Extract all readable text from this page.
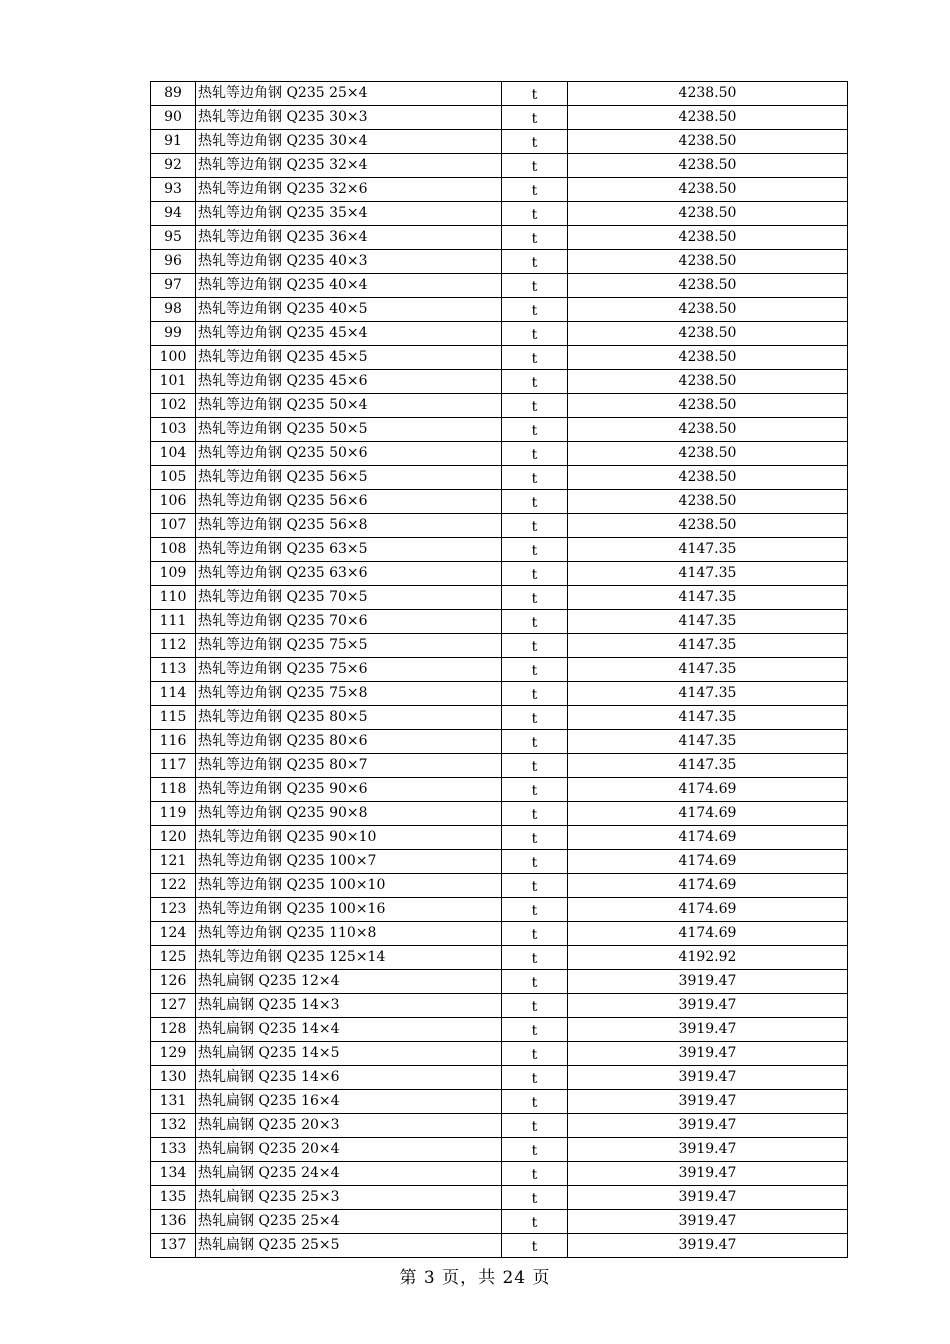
89	热轧等边角钢 Q235 25×4	t	4238.50
90	热轧等边角钢 Q235 30×3	t	4238.50
91	热轧等边角钢 Q235 30×4	t	4238.50
92	热轧等边角钢 Q235 32×4	t	4238.50
93	热轧等边角钢 Q235 32×6	t	4238.50
94	热轧等边角钢 Q235 35×4	t	4238.50
95	热轧等边角钢 Q235 36×4	t	4238.50
96	热轧等边角钢 Q235 40×3	t	4238.50
97	热轧等边角钢 Q235 40×4	t	4238.50
98	热轧等边角钢 Q235 40×5	t	4238.50
99	热轧等边角钢 Q235 45×4	t	4238.50
100	热轧等边角钢 Q235 45×5	t	4238.50
101	热轧等边角钢 Q235 45×6	t	4238.50
102	热轧等边角钢 Q235 50×4	t	4238.50
103	热轧等边角钢 Q235 50×5	t	4238.50
104	热轧等边角钢 Q235 50×6	t	4238.50
105	热轧等边角钢 Q235 56×5	t	4238.50
106	热轧等边角钢 Q235 56×6	t	4238.50
107	热轧等边角钢 Q235 56×8	t	4238.50
108	热轧等边角钢 Q235 63×5	t	4147.35
109	热轧等边角钢 Q235 63×6	t	4147.35
110	热轧等边角钢 Q235 70×5	t	4147.35
111	热轧等边角钢 Q235 70×6	t	4147.35
112	热轧等边角钢 Q235 75×5	t	4147.35
113	热轧等边角钢 Q235 75×6	t	4147.35
114	热轧等边角钢 Q235 75×8	t	4147.35
115	热轧等边角钢 Q235 80×5	t	4147.35
116	热轧等边角钢 Q235 80×6	t	4147.35
117	热轧等边角钢 Q235 80×7	t	4147.35
118	热轧等边角钢 Q235 90×6	t	4174.69
119	热轧等边角钢 Q235 90×8	t	4174.69
120	热轧等边角钢 Q235 90×10	t	4174.69
121	热轧等边角钢 Q235 100×7	t	4174.69
122	热轧等边角钢 Q235 100×10	t	4174.69
123	热轧等边角钢 Q235 100×16	t	4174.69
124	热轧等边角钢 Q235 110×8	t	4174.69
125	热轧等边角钢 Q235 125×14	t	4192.92
126	热轧扁钢 Q235 12×4	t	3919.47
127	热轧扁钢 Q235 14×3	t	3919.47
128	热轧扁钢 Q235 14×4	t	3919.47
129	热轧扁钢 Q235 14×5	t	3919.47
130	热轧扁钢 Q235 14×6	t	3919.47
131	热轧扁钢 Q235 16×4	t	3919.47
132	热轧扁钢 Q235 20×3	t	3919.47
133	热轧扁钢 Q235 20×4	t	3919.47
134	热轧扁钢 Q235 24×4	t	3919.47
135	热轧扁钢 Q235 25×3	t	3919.47
136	热轧扁钢 Q235 25×4	t	3919.47
137	热轧扁钢 Q235 25×5	t	3919.47
第 3 页，共 24 页
